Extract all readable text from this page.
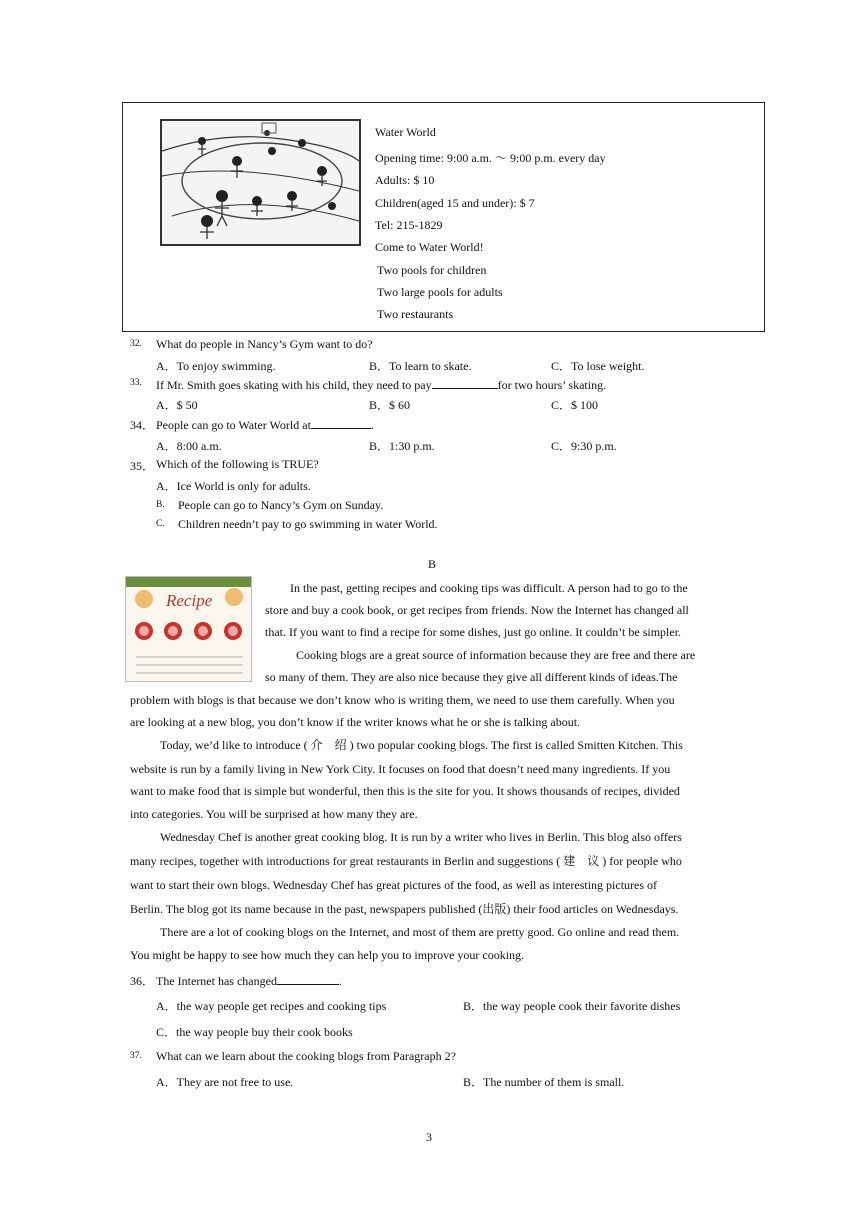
Water World
Opening time: 9:00 a.m. ～ 9:00 p.m. every day
Adults: $ 10
Children(aged 15 and under): $ 7
Tel: 215-1829
Come to Water World!
Two pools for children
Two large pools for adults
Two restaurants
32. What do people in Nancy’s Gym want to do?
A．To enjoy swimming.	B．To learn to skate.	C．To lose weight.
33. If Mr. Smith goes skating with his child, they need to pay	for two hours’ skating.
A．$ 50	B．$ 60	C．$ 100
34． People can go to Water World at	.
A．8:00 a.m.	B．1:30 p.m.	C．9:30 p.m.
35． Which of the following is TRUE?
A．Ice World is only for adults.
B. People can go to Nancy’s Gym on Sunday.
C. Children needn’t pay to go swimming in water World.
B
Recipe
In the past, getting recipes and cooking tips was difficult. A person had to go to the
store and buy a cook book, or get recipes from friends. Now the Internet has changed all
that. If you want to find a recipe for some dishes, just go online. It couldn’t be simpler.
Cooking blogs are a great source of information because they are free and there are
so many of them. They are also nice because they give all different kinds of ideas.The
problem with blogs is that because we don’t know who is writing them, we need to use them carefully. When you
are looking at a new blog, you don’t know if the writer knows what he or she is talking about.
Today, we’d like to introduce ( 介　绍 ) two popular cooking blogs. The first is called Smitten Kitchen. This
website is run by a family living in New York City. It focuses on food that doesn’t need many ingredients. If you
want to make food that is simple but wonderful, then this is the site for you. It shows thousands of recipes, divided
into categories. You will be surprised at how many they are.
Wednesday Chef is another great cooking blog. It is run by a writer who lives in Berlin. This blog also offers
many recipes, together with introductions for great restaurants in Berlin and suggestions ( 建　议 ) for people who
want to start their own blogs. Wednesday Chef has great pictures of the food, as well as interesting pictures of
Berlin. The blog got its name because in the past, newspapers published (出版) their food articles on Wednesdays.
There are a lot of cooking blogs on the Internet, and most of them are pretty good. Go online and read them.
You might be happy to see how much they can help you to improve your cooking.
36． The Internet has changed	.
A．the way people get recipes and cooking tips	B．the way people cook their favorite dishes
C．the way people buy their cook books
37. What can we learn about the cooking blogs from Paragraph 2?
A．They are not free to use.	B．The number of them is small.
3
